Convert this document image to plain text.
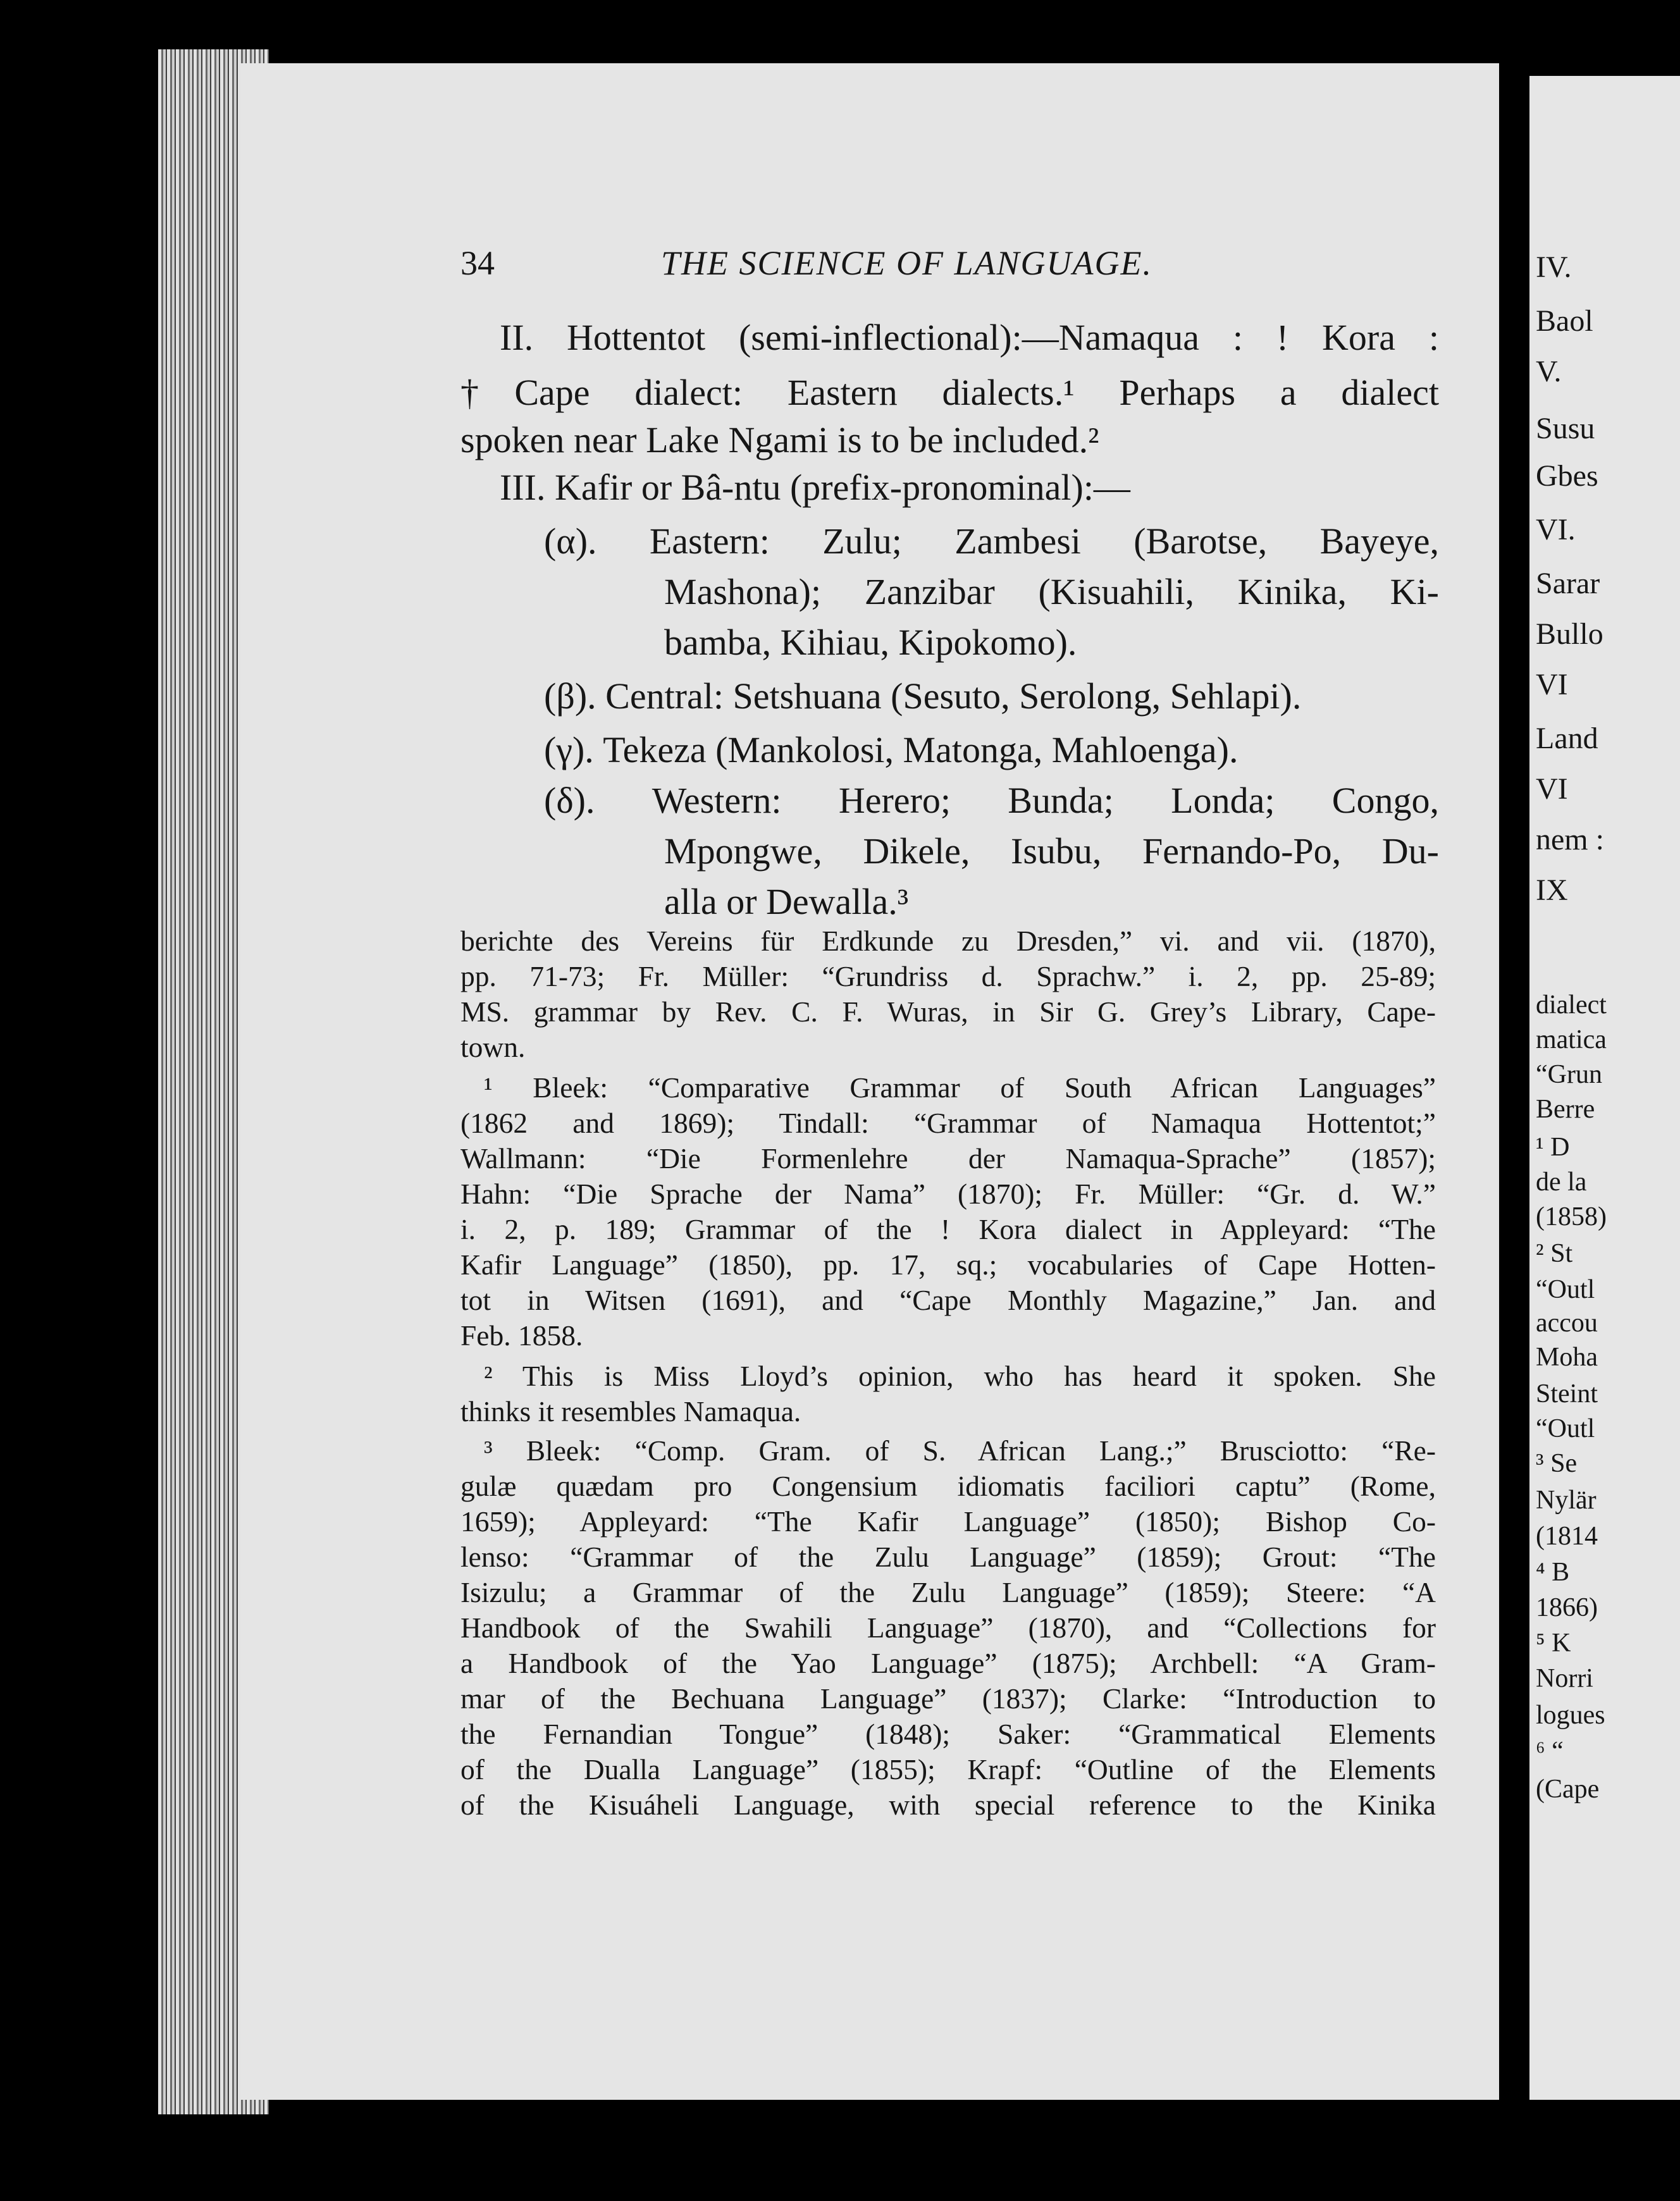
34	THE SCIENCE OF LANGUAGE.
II. Hottentot (semi-inflectional):—Namaqua : ! Kora :
†Cape dialect: Eastern dialects.¹ Perhaps a dialect
spoken near Lake Ngami is to be included.²
III. Kafir or Bâ-ntu (prefix-pronominal):—
(α). Eastern: Zulu; Zambesi (Barotse, Bayeye,
Mashona); Zanzibar (Kisuahili, Kinika, Ki-
bamba, Kihiau, Kipokomo).
(β). Central: Setshuana (Sesuto, Serolong, Sehlapi).
(γ). Tekeza (Mankolosi, Matonga, Mahloenga).
(δ). Western: Herero; Bunda; Londa; Congo,
Mpongwe, Dikele, Isubu, Fernando-Po, Du-
alla or Dewalla.³
berichte des Vereins für Erdkunde zu Dresden,” vi. and vii. (1870),
pp. 71-73; Fr. Müller: “Grundriss d. Sprachw.” i. 2, pp. 25-89;
MS. grammar by Rev. C. F. Wuras, in Sir G. Grey’s Library, Cape-
town.
¹ Bleek: “Comparative Grammar of South African Languages”
(1862 and 1869); Tindall: “Grammar of Namaqua Hottentot;”
Wallmann: “Die Formenlehre der Namaqua-Sprache” (1857);
Hahn: “Die Sprache der Nama” (1870); Fr. Müller: “Gr. d. W.”
i. 2, p. 189; Grammar of the ! Kora dialect in Appleyard: “The
Kafir Language” (1850), pp. 17, sq.; vocabularies of Cape Hotten-
tot in Witsen (1691), and “Cape Monthly Magazine,” Jan. and
Feb. 1858.
² This is Miss Lloyd’s opinion, who has heard it spoken. She
thinks it resembles Namaqua.
³ Bleek: “Comp. Gram. of S. African Lang.;” Brusciotto: “Re-
gulæ quædam pro Congensium idiomatis faciliori captu” (Rome,
1659); Appleyard: “The Kafir Language” (1850); Bishop Co-
lenso: “Grammar of the Zulu Language” (1859); Grout: “The
Isizulu; a Grammar of the Zulu Language” (1859); Steere: “A
Handbook of the Swahili Language” (1870), and “Collections for
a Handbook of the Yao Language” (1875); Archbell: “A Gram-
mar of the Bechuana Language” (1837); Clarke: “Introduction to
the Fernandian Tongue” (1848); Saker: “Grammatical Elements
of the Dualla Language” (1855); Krapf: “Outline of the Elements
of the Kisuáheli Language, with special reference to the Kinika
IV.
Baol
V.
Susu
Gbes
VI.
Sarar
Bullo
VI
Land
VI
nem :
IX
dialect
matica
“Grun
Berre
¹ D
de la
(1858)
² St
“Outl
accou
Moha
Steint
“Outl
³ Se
Nylär
(1814
⁴ B
1866)
⁵ K
Norri
logues
⁶ “
(Cape
